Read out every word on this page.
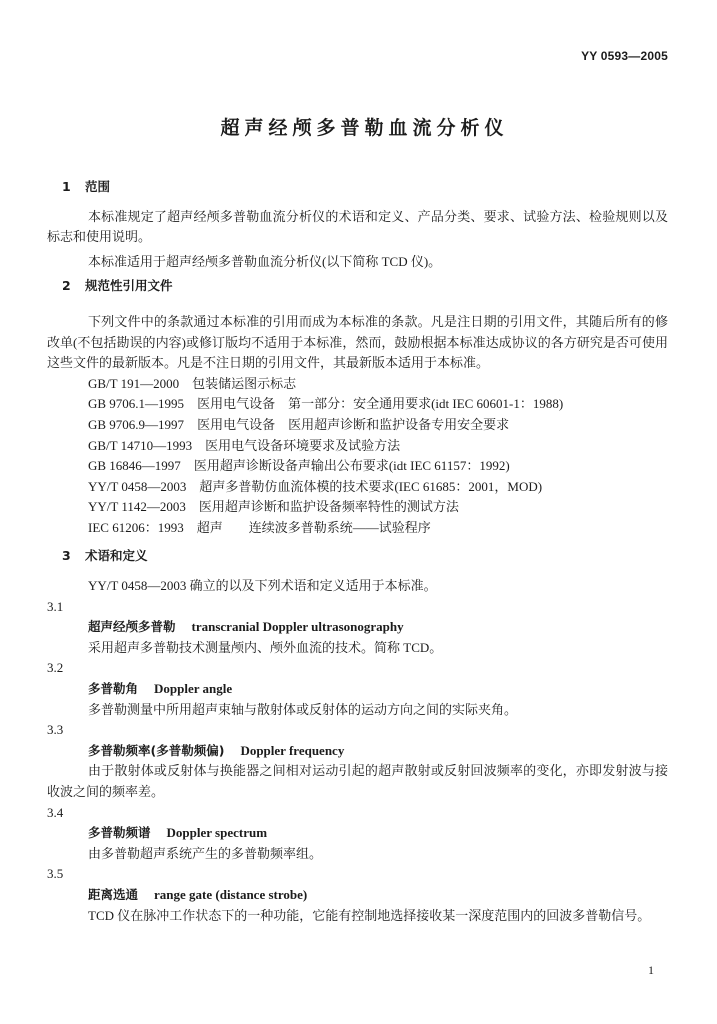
YY 0593—2005
超声经颅多普勒血流分析仪
1 范围
本标准规定了超声经颅多普勒血流分析仪的术语和定义、产品分类、要求、试验方法、检验规则以及标志和使用说明。
本标准适用于超声经颅多普勒血流分析仪(以下简称 TCD 仪)。
2 规范性引用文件
下列文件中的条款通过本标准的引用而成为本标准的条款。凡是注日期的引用文件，其随后所有的修改单(不包括勘误的内容)或修订版均不适用于本标准，然而，鼓励根据本标准达成协议的各方研究是否可使用这些文件的最新版本。凡是不注日期的引用文件，其最新版本适用于本标准。
GB/T 191—2000 包装储运图示标志
GB 9706.1—1995 医用电气设备　第一部分：安全通用要求(idt IEC 60601-1：1988)
GB 9706.9—1997 医用电气设备　医用超声诊断和监护设备专用安全要求
GB/T 14710—1993 医用电气设备环境要求及试验方法
GB 16846—1997 医用超声诊断设备声输出公布要求(idt IEC 61157：1992)
YY/T 0458—2003 超声多普勒仿血流体模的技术要求(IEC 61685：2001，MOD)
YY/T 1142—2003 医用超声诊断和监护设备频率特性的测试方法
IEC 61206：1993 超声　　连续波多普勒系统——试验程序
3 术语和定义
YY/T 0458—2003 确立的以及下列术语和定义适用于本标准。
3.1
超声经颅多普勒 transcranial Doppler ultrasonography
采用超声多普勒技术测量颅内、颅外血流的技术。简称 TCD。
3.2
多普勒角 Doppler angle
多普勒测量中所用超声束轴与散射体或反射体的运动方向之间的实际夹角。
3.3
多普勒频率(多普勒频偏) Doppler frequency
由于散射体或反射体与换能器之间相对运动引起的超声散射或反射回波频率的变化，亦即发射波与接收波之间的频率差。
3.4
多普勒频谱 Doppler spectrum
由多普勒超声系统产生的多普勒频率组。
3.5
距离选通 range gate (distance strobe)
TCD 仪在脉冲工作状态下的一种功能，它能有控制地选择接收某一深度范围内的回波多普勒信号。
1
